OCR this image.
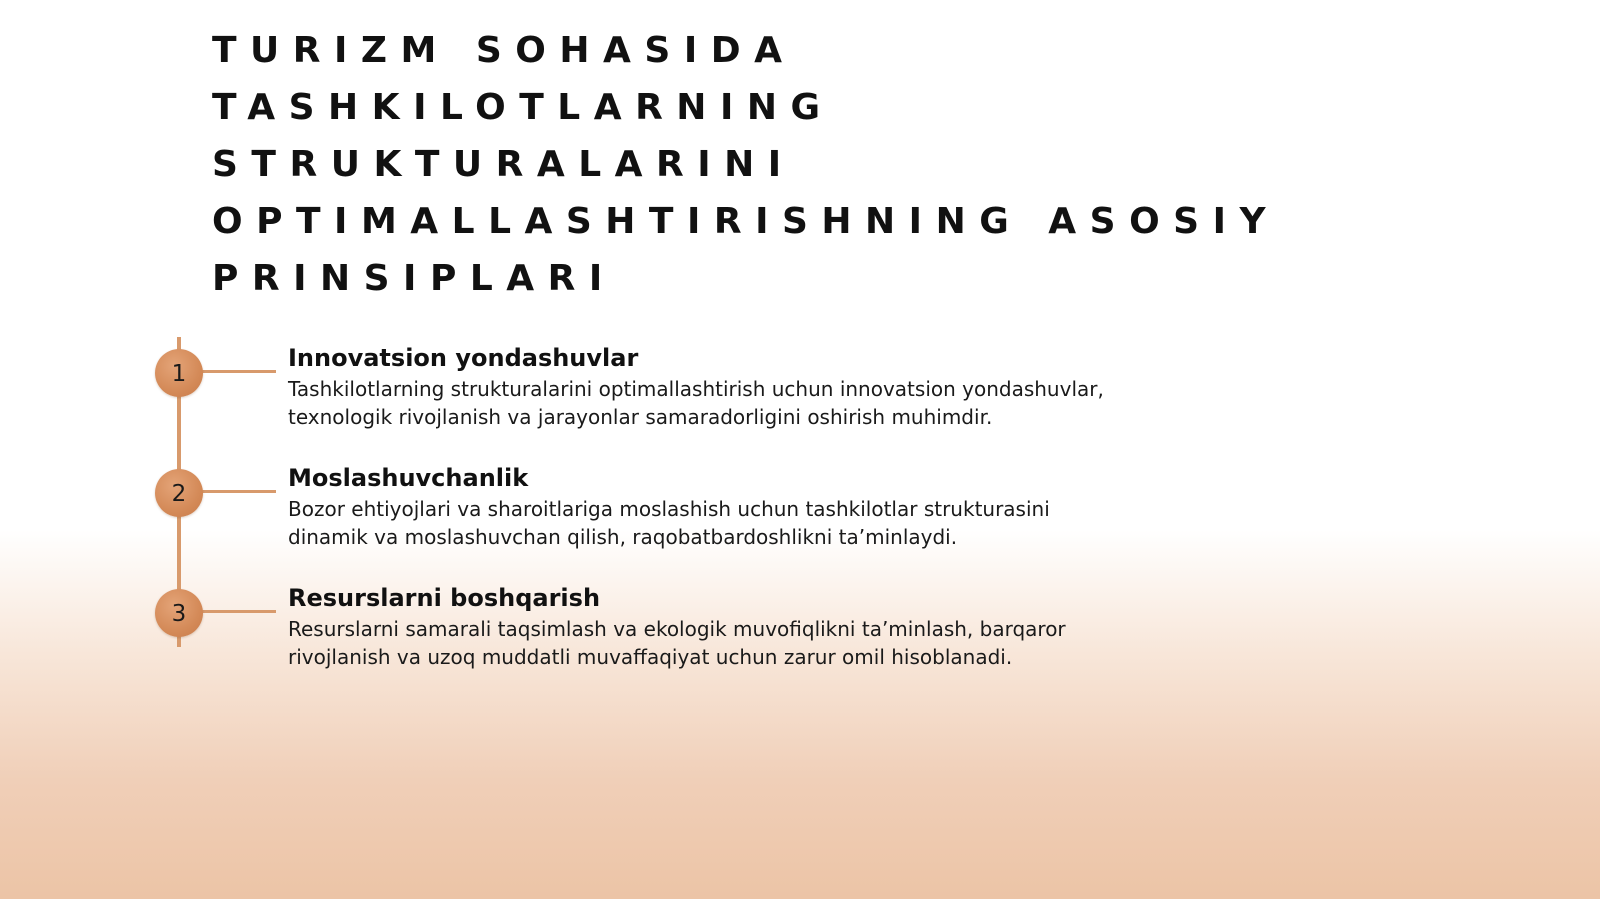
TURIZM SOHASIDA TASHKILOTLARNING STRUKTURALARINI OPTIMALLASHTIRISHNING ASOSIY PRINSIPLARI
1
Innovatsion yondashuvlar

Tashkilotlarning strukturalarini optimallashtirish uchun innovatsion yondashuvlar, texnologik rivojlanish va jarayonlar samaradorligini oshirish muhimdir.

2
Moslashuvchanlik

Bozor ehtiyojlari va sharoitlariga moslashish uchun tashkilotlar strukturasini dinamik va moslashuvchan qilish, raqobatbardoshlikni ta’minlaydi.

3
Resurslarni boshqarish

Resurslarni samarali taqsimlash va ekologik muvofiqlikni ta’minlash, barqaror rivojlanish va uzoq muddatli muvaffaqiyat uchun zarur omil hisoblanadi.
